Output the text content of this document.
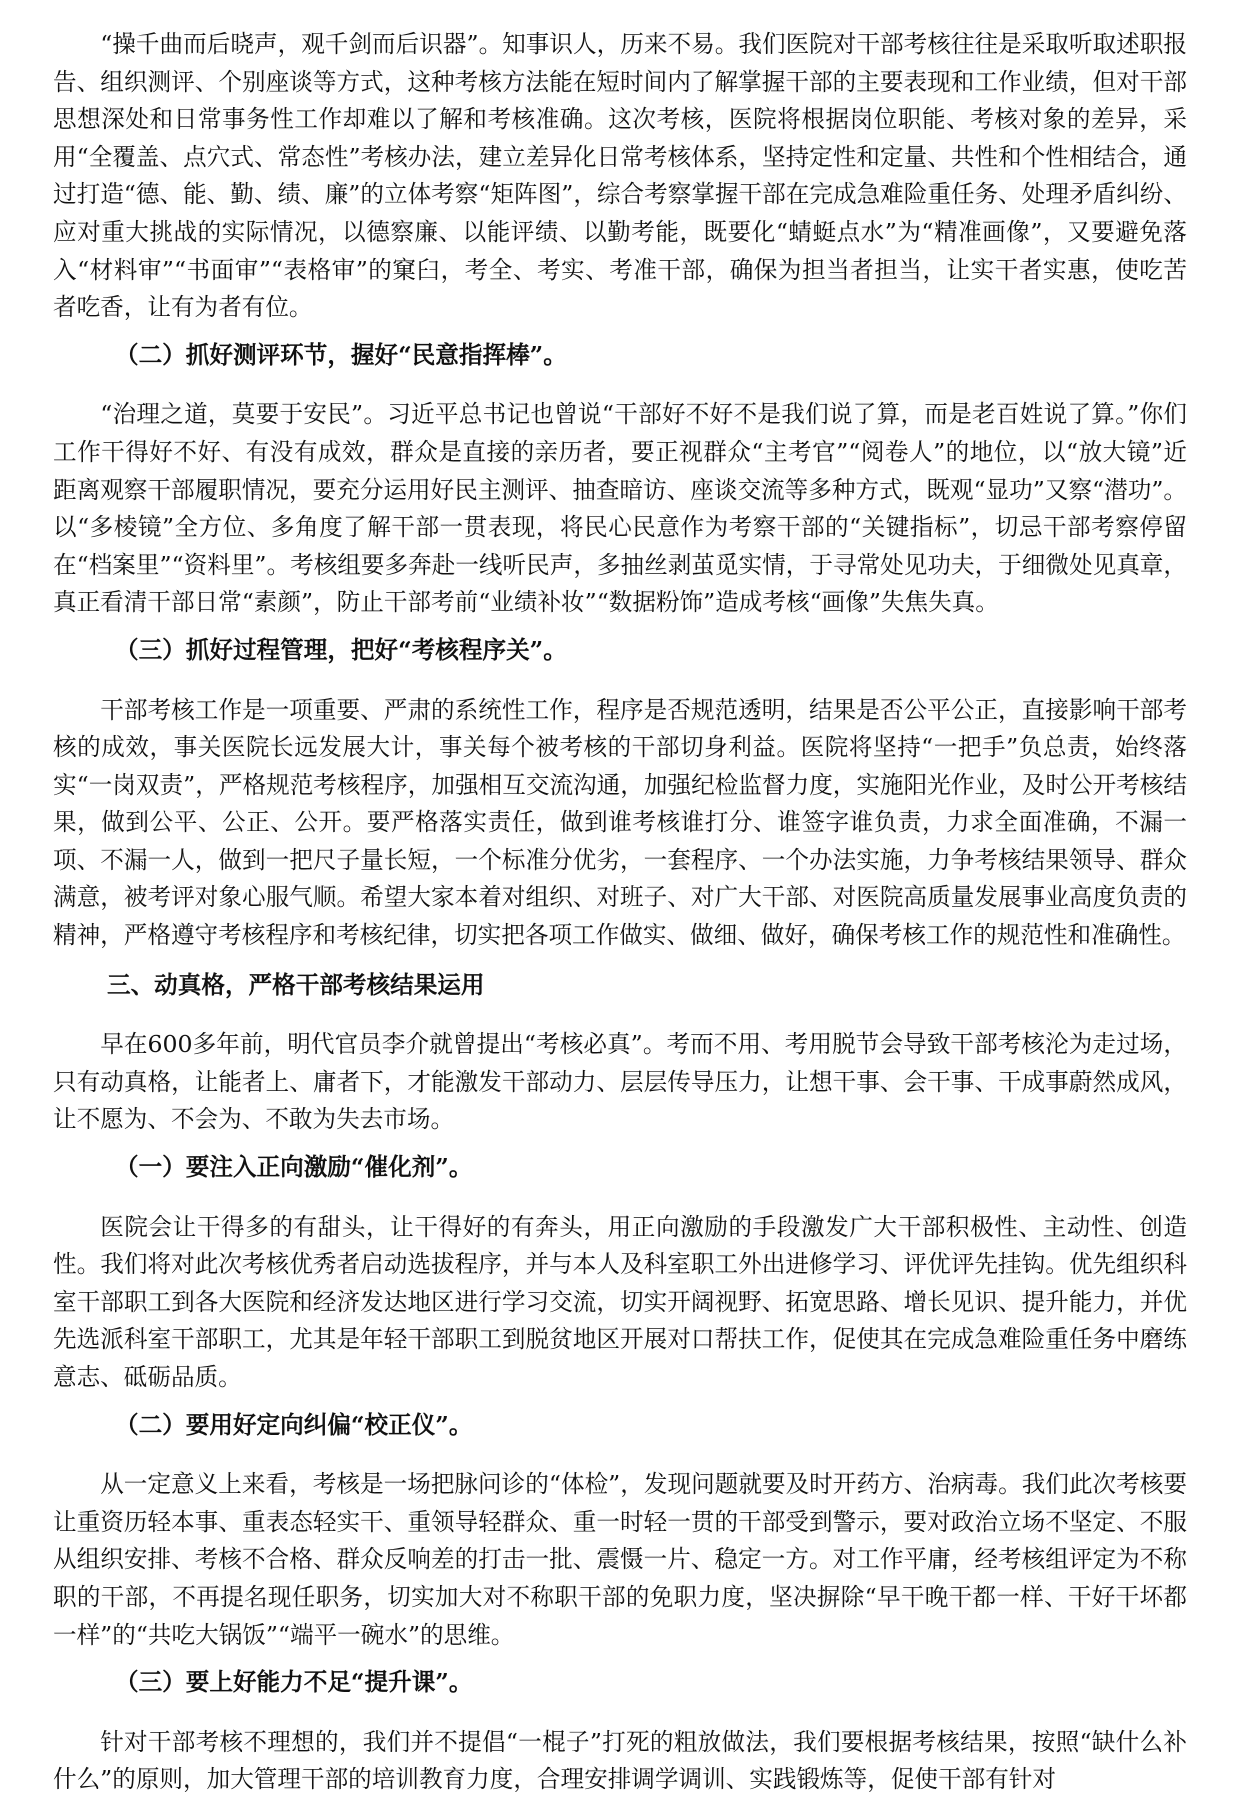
“操千曲而后晓声，观千剑而后识器”。知事识人，历来不易。我们医院对干部考核往往是采取听取述职报告、组织测评、个别座谈等方式，这种考核方法能在短时间内了解掌握干部的主要表现和工作业绩，但对干部思想深处和日常事务性工作却难以了解和考核准确。这次考核，医院将根据岗位职能、考核对象的差异，采用“全覆盖、点穴式、常态性”考核办法，建立差异化日常考核体系，坚持定性和定量、共性和个性相结合，通过打造“德、能、勤、绩、廉”的立体考察“矩阵图”，综合考察掌握干部在完成急难险重任务、处理矛盾纠纷、应对重大挑战的实际情况，以德察廉、以能评绩、以勤考能，既要化“蜻蜓点水”为“精准画像”，又要避免落入“材料审”“书面审”“表格审”的窠臼，考全、考实、考准干部，确保为担当者担当，让实干者实惠，使吃苦者吃香，让有为者有位。

（二）抓好测评环节，握好“民意指挥棒”。

“治理之道，莫要于安民”。习近平总书记也曾说“干部好不好不是我们说了算，而是老百姓说了算。”你们工作干得好不好、有没有成效，群众是直接的亲历者，要正视群众“主考官”“阅卷人”的地位，以“放大镜”近距离观察干部履职情况，要充分运用好民主测评、抽查暗访、座谈交流等多种方式，既观“显功”又察“潜功”。以“多棱镜”全方位、多角度了解干部一贯表现，将民心民意作为考察干部的“关键指标”，切忌干部考察停留在“档案里”“资料里”。考核组要多奔赴一线听民声，多抽丝剥茧觅实情，于寻常处见功夫，于细微处见真章，真正看清干部日常“素颜”，防止干部考前“业绩补妆”“数据粉饰”造成考核“画像”失焦失真。

（三）抓好过程管理，把好“考核程序关”。

干部考核工作是一项重要、严肃的系统性工作，程序是否规范透明，结果是否公平公正，直接影响干部考核的成效，事关医院长远发展大计，事关每个被考核的干部切身利益。医院将坚持“一把手”负总责，始终落实“一岗双责”，严格规范考核程序，加强相互交流沟通，加强纪检监督力度，实施阳光作业，及时公开考核结果，做到公平、公正、公开。要严格落实责任，做到谁考核谁打分、谁签字谁负责，力求全面准确，不漏一项、不漏一人，做到一把尺子量长短，一个标准分优劣，一套程序、一个办法实施，力争考核结果领导、群众满意，被考评对象心服气顺。希望大家本着对组织、对班子、对广大干部、对医院高质量发展事业高度负责的精神，严格遵守考核程序和考核纪律，切实把各项工作做实、做细、做好，确保考核工作的规范性和准确性。

三、动真格，严格干部考核结果运用

早在600多年前，明代官员李介就曾提出“考核必真”。考而不用、考用脱节会导致干部考核沦为走过场，只有动真格，让能者上、庸者下，才能激发干部动力、层层传导压力，让想干事、会干事、干成事蔚然成风，让不愿为、不会为、不敢为失去市场。

（一）要注入正向激励“催化剂”。

医院会让干得多的有甜头，让干得好的有奔头，用正向激励的手段激发广大干部积极性、主动性、创造性。我们将对此次考核优秀者启动选拔程序，并与本人及科室职工外出进修学习、评优评先挂钩。优先组织科室干部职工到各大医院和经济发达地区进行学习交流，切实开阔视野、拓宽思路、增长见识、提升能力，并优先选派科室干部职工，尤其是年轻干部职工到脱贫地区开展对口帮扶工作，促使其在完成急难险重任务中磨练意志、砥砺品质。

（二）要用好定向纠偏“校正仪”。

从一定意义上来看，考核是一场把脉问诊的“体检”，发现问题就要及时开药方、治病毒。我们此次考核要让重资历轻本事、重表态轻实干、重领导轻群众、重一时轻一贯的干部受到警示，要对政治立场不坚定、不服从组织安排、考核不合格、群众反响差的打击一批、震慑一片、稳定一方。对工作平庸，经考核组评定为不称职的干部，不再提名现任职务，切实加大对不称职干部的免职力度，坚决摒除“早干晚干都一样、干好干坏都一样”的“共吃大锅饭”“端平一碗水”的思维。

（三）要上好能力不足“提升课”。

针对干部考核不理想的，我们并不提倡“一棍子”打死的粗放做法，我们要根据考核结果，按照“缺什么补什么”的原则，加大管理干部的培训教育力度，合理安排调学调训、实践锻炼等，促使干部有针对
